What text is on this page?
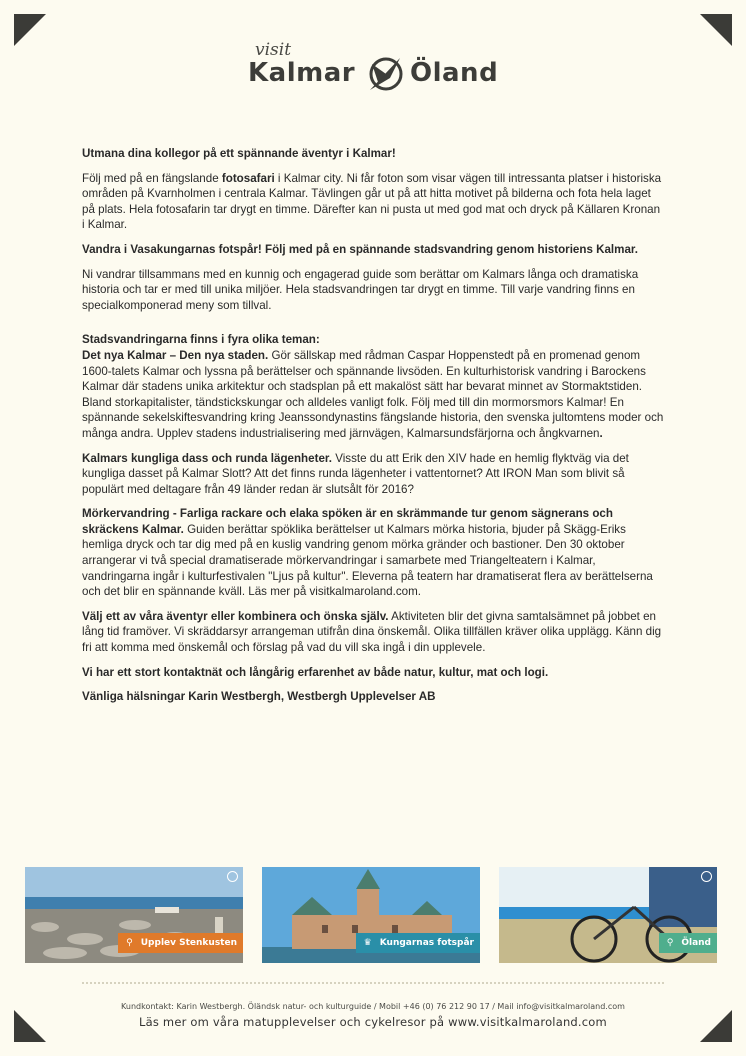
visit
Kalmar Öland

Utmana dina kollegor på ett spännande äventyr i Kalmar!

Följ med på en fängslande fotosafari i Kalmar city. Ni får foton som visar vägen till intressanta platser i historiska områden på Kvarnholmen i centrala Kalmar. Tävlingen går ut på att hitta motivet på bilderna och fota hela laget på plats. Hela fotosafarin tar drygt en timme. Därefter kan ni pusta ut med god mat och dryck på Källaren Kronan i Kalmar.

Vandra i Vasakungarnas fotspår! Följ med på en spännande stadsvandring genom historiens Kalmar.

Ni vandrar tillsammans med en kunnig och engagerad guide som berättar om Kalmars långa och dramatiska historia och tar er med till unika miljöer. Hela stadsvandringen tar drygt en timme. Till varje vandring finns en specialkomponerad meny som tillval.

Stadsvandringarna finns i fyra olika teman:
Det nya Kalmar – Den nya staden. Gör sällskap med rådman Caspar Hoppenstedt på en promenad genom 1600-talets Kalmar och lyssna på berättelser och spännande livsöden. En kulturhistorisk vandring i Barockens Kalmar där stadens unika arkitektur och stadsplan på ett makalöst sätt har bevarat minnet av Stormaktstiden.
Bland storkapitalister, tändstickskungar och alldeles vanligt folk. Följ med till din mormorsmors Kalmar! En spännande sekelskiftesvandring kring Jeanssondynastins fängslande historia, den svenska jultomtens moder och många andra. Upplev stadens industrialisering med järnvägen, Kalmarsundsfärjorna och ångkvarnen.

Kalmars kungliga dass och runda lägenheter. Visste du att Erik den XIV hade en hemlig flyktväg via det kungliga dasset på Kalmar Slott? Att det finns runda lägenheter i vattentornet? Att IRON Man som blivit så populärt med deltagare från 49 länder redan är slutsålt för 2016?

Mörkervandring - Farliga rackare och elaka spöken är en skrämmande tur genom sägnerans och skräckens Kalmar. Guiden berättar spöklika berättelser ut Kalmars mörka historia, bjuder på Skägg-Eriks hemliga dryck och tar dig med på en kuslig vandring genom mörka gränder och bastioner. Den 30 oktober arrangerar vi två special dramatiserade mörkervandringar i samarbete med Triangelteatern i Kalmar, vandringarna ingår i kulturfestivalen "Ljus på kultur". Eleverna på teatern har dramatiserat flera av berättelserna och det blir en spännande kväll. Läs mer på visitkalmaroland.com.

Välj ett av våra äventyr eller kombinera och önska själv. Aktiviteten blir det givna samtalsämnet på jobbet en lång tid framöver. Vi skräddarsyr arrangeman utifrån dina önskemål. Olika tillfällen kräver olika upplägg. Känn dig fri att komma med önskemål och förslag på vad du vill ska ingå i din upplevele.

Vi har ett stort kontaktnät och långårig erfarenhet av både natur, kultur, mat och logi.

Vänliga hälsningar Karin Westbergh, Westbergh Upplevelser AB

⚲ Upplev Stenkusten	♛ Kungarnas fotspår	⚲ Öland
Kundkontakt: Karin Westbergh. Öländsk natur- och kulturguide / Mobil +46 (0) 76 212 90 17 / Mail info@visitkalmaroland.com
Läs mer om våra matupplevelser och cykelresor på www.visitkalmaroland.com
